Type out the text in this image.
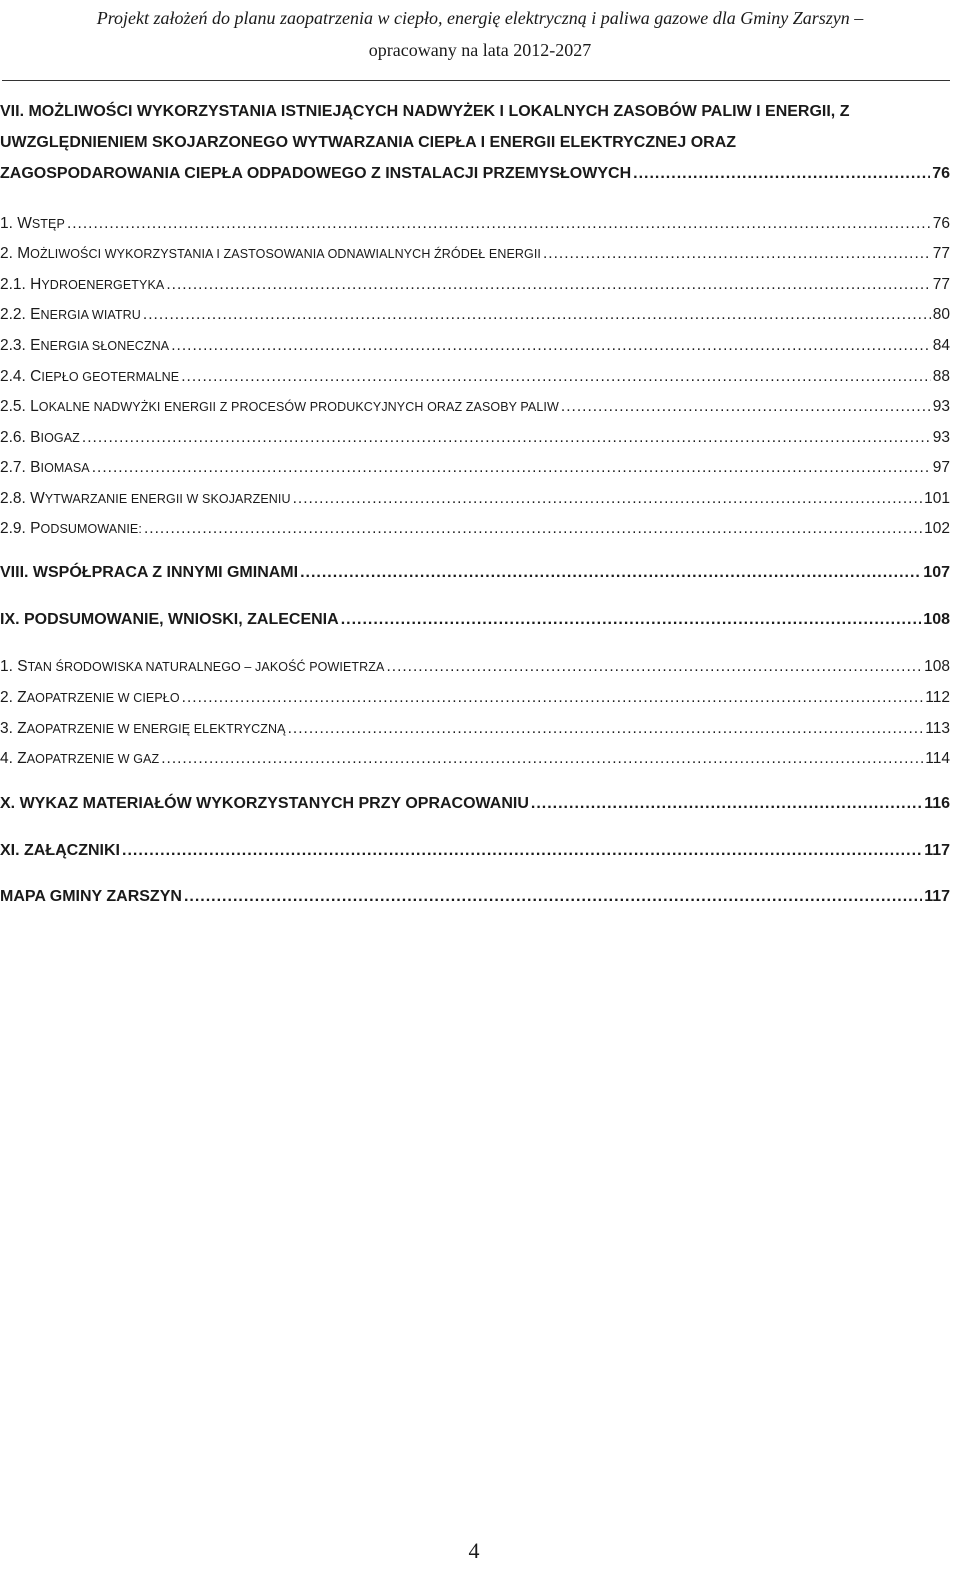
Projekt założeń do planu zaopatrzenia w ciepło, energię elektryczną i paliwa gazowe dla Gminy Zarszyn –
opracowany na lata 2012-2027
VII. MOŻLIWOŚCI WYKORZYSTANIA ISTNIEJĄCYCH NADWYŻEK I LOKALNYCH ZASOBÓW PALIW I ENERGII, Z
UWZGLĘDNIENIEM SKOJARZONEGO WYTWARZANIA CIEPŁA I ENERGII ELEKTRYCZNEJ ORAZ
ZAGOSPODAROWANIA CIEPŁA ODPADOWEGO Z INSTALACJI PRZEMYSŁOWYCH .....	76
1. WSTĘP .....	76
2. MOŻLIWOŚCI WYKORZYSTANIA I ZASTOSOWANIA ODNAWIALNYCH ŹRÓDEŁ ENERGII .....	77
2.1. HYDROENERGETYKA .....	77
2.2. ENERGIA WIATRU .....	80
2.3. ENERGIA SŁONECZNA .....	84
2.4. CIEPŁO GEOTERMALNE .....	88
2.5. LOKALNE NADWYŻKI ENERGII Z PROCESÓW PRODUKCYJNYCH ORAZ ZASOBY PALIW .....	93
2.6. BIOGAZ .....	93
2.7. BIOMASA .....	97
2.8. WYTWARZANIE ENERGII W SKOJARZENIU .....	101
2.9. PODSUMOWANIE: .....	102
VIII. WSPÓŁPRACA Z INNYMI GMINAMI .....	107
IX. PODSUMOWANIE, WNIOSKI, ZALECENIA .....	108
1. STAN ŚRODOWISKA NATURALNEGO – JAKOŚĆ POWIETRZA .....	108
2. ZAOPATRZENIE W CIEPŁO .....	112
3. ZAOPATRZENIE W ENERGIĘ ELEKTRYCZNĄ .....	113
4. ZAOPATRZENIE W GAZ .....	114
X. WYKAZ MATERIAŁÓW WYKORZYSTANYCH PRZY OPRACOWANIU .....	116
XI. ZAŁĄCZNIKI .....	117
MAPA GMINY ZARSZYN .....	117
4
